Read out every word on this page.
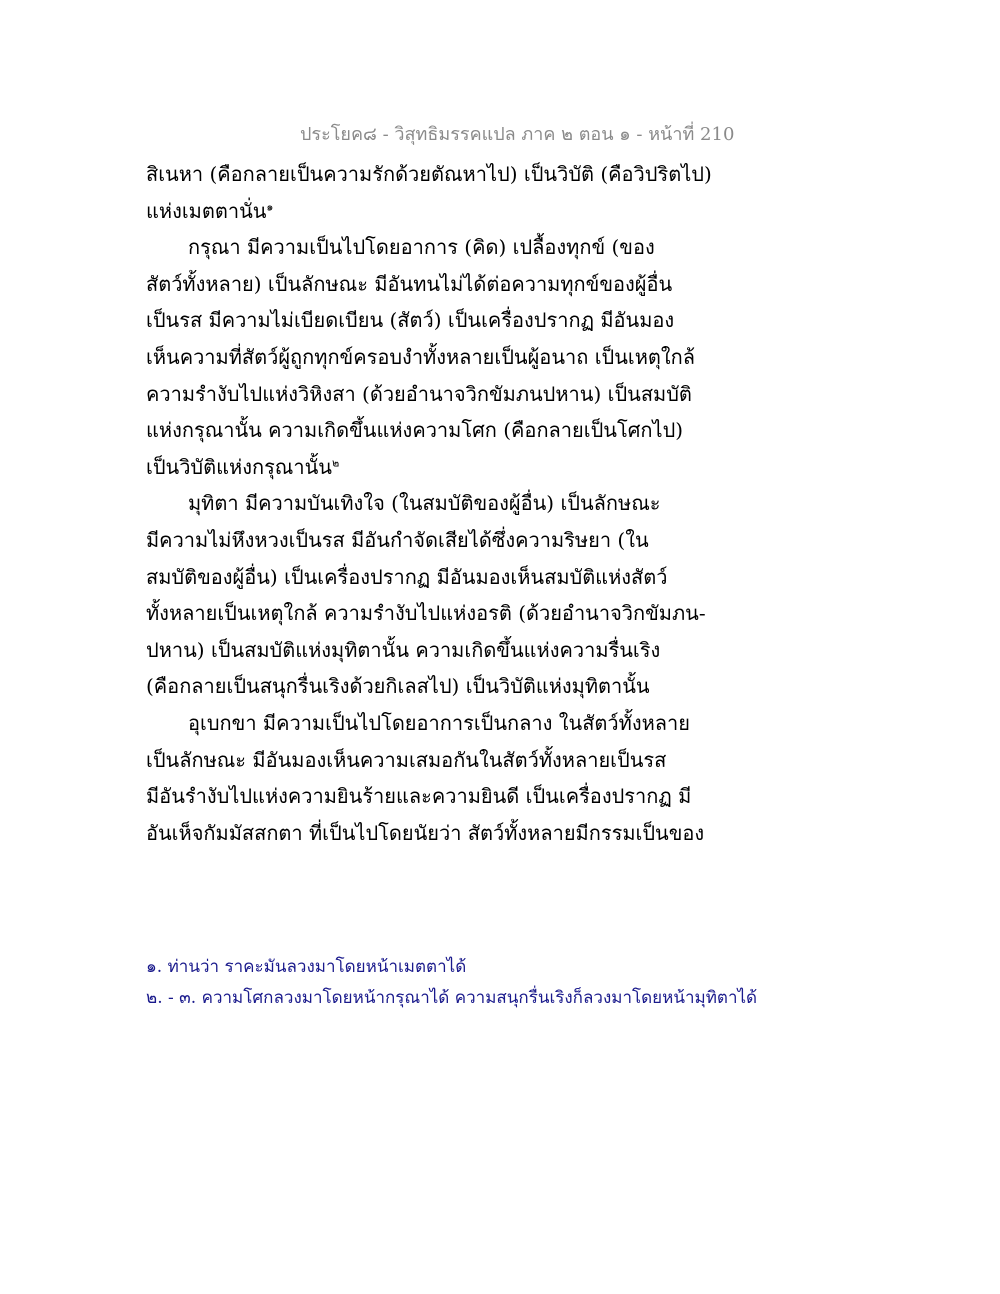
ประโยค๘ - วิสุทธิมรรคแปล ภาค ๒ ตอน ๑ - หน้าที่ 210
สิเนหา (คือกลายเป็นความรักด้วยตัณหาไป) เป็นวิบัติ (คือวิปริตไป)
แห่งเมตตานั่น$^๑$
กรุณา มีความเป็นไปโดยอาการ (คิด) เปลื้องทุกข์ (ของ
สัตว์ทั้งหลาย) เป็นลักษณะ มีอันทนไม่ได้ต่อความทุกข์ของผู้อื่น
เป็นรส มีความไม่เบียดเบียน (สัตว์) เป็นเครื่องปรากฏ มีอันมอง
เห็นความที่สัตว์ผู้ถูกทุกข์ครอบงำทั้งหลายเป็นผู้อนาถ เป็นเหตุใกล้
ความรำงับไปแห่งวิหิงสา (ด้วยอำนาจวิกขัมภนปหาน) เป็นสมบัติ
แห่งกรุณานั้น ความเกิดขึ้นแห่งความโศก (คือกลายเป็นโศกไป)
เป็นวิบัติแห่งกรุณานั้น$^๒$
มุทิตา มีความบันเทิงใจ (ในสมบัติของผู้อื่น) เป็นลักษณะ
มีความไม่หึงหวงเป็นรส มีอันกำจัดเสียได้ซึ่งความริษยา (ใน
สมบัติของผู้อื่น) เป็นเครื่องปรากฏ มีอันมองเห็นสมบัติแห่งสัตว์
ทั้งหลายเป็นเหตุใกล้ ความรำงับไปแห่งอรติ (ด้วยอำนาจวิกขัมภน-
ปหาน) เป็นสมบัติแห่งมุทิตานั้น ความเกิดขึ้นแห่งความรื่นเริง
(คือกลายเป็นสนุกรื่นเริงด้วยกิเลสไป) เป็นวิบัติแห่งมุทิตานั้น
อุเบกขา มีความเป็นไปโดยอาการเป็นกลาง ในสัตว์ทั้งหลาย
เป็นลักษณะ มีอันมองเห็นความเสมอกันในสัตว์ทั้งหลายเป็นรส
มีอันรำงับไปแห่งความยินร้ายและความยินดี เป็นเครื่องปรากฏ มี
อันเห็จกัมมัสสกตา ที่เป็นไปโดยนัยว่า สัตว์ทั้งหลายมีกรรมเป็นของ
๑. ท่านว่า ราคะมันลวงมาโดยหน้าเมตตาได้
๒. - ๓. ความโศกลวงมาโดยหน้ากรุณาได้ ความสนุกรื่นเริงก็ลวงมาโดยหน้ามุทิตาได้
